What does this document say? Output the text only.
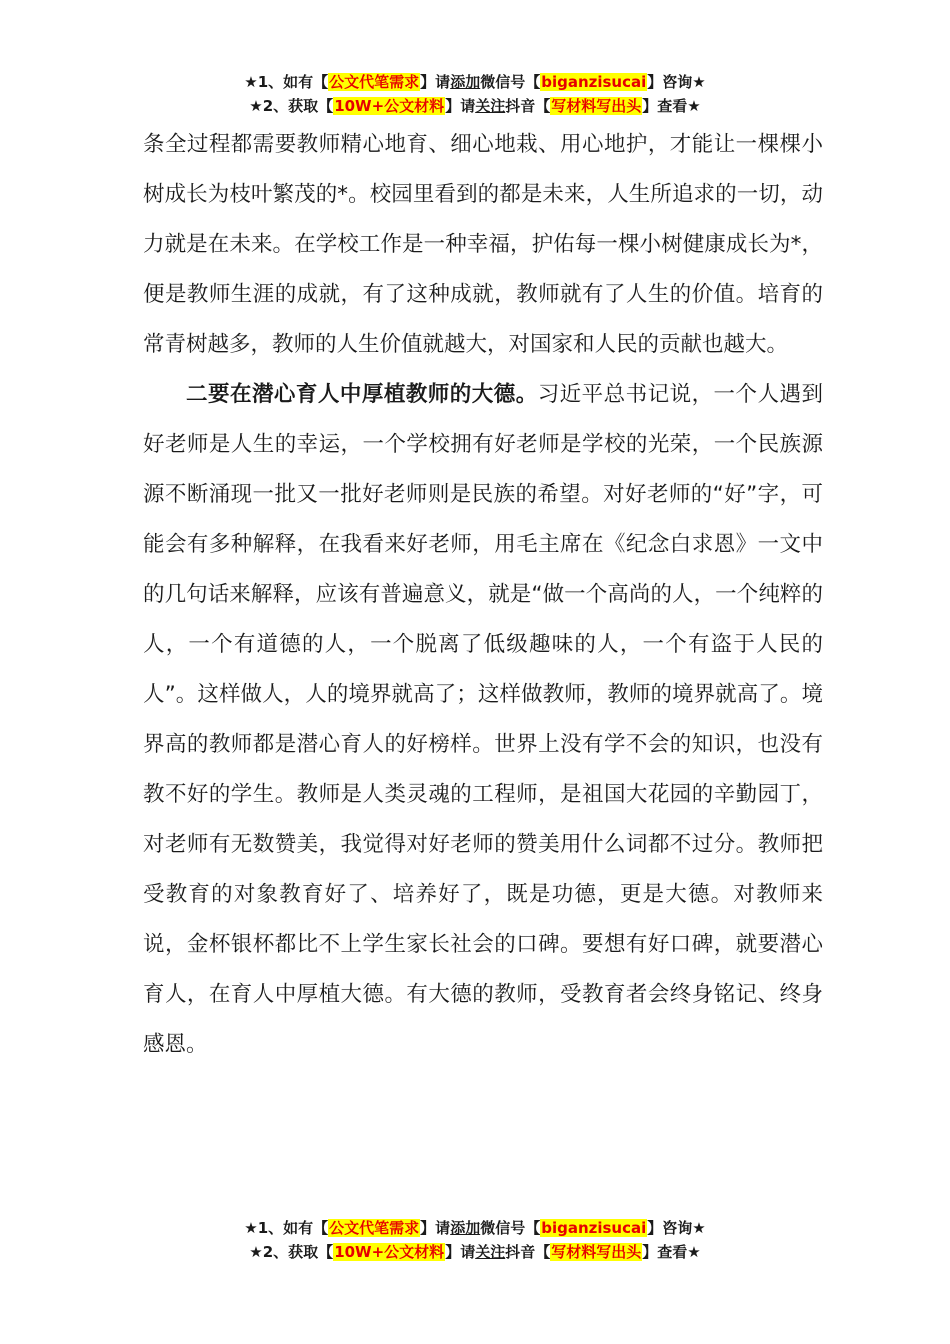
★1、如有【公文代笔需求】请添加微信号【biganzisucai】咨询★
★2、获取【10W+公文材料】请关注抖音【写材料写出头】查看★

条全过程都需要教师精心地育、细心地栽、用心地护，才能让一棵棵小树成长为枝叶繁茂的*。校园里看到的都是未来，人生所追求的一切，动力就是在未来。在学校工作是一种幸福，护佑每一棵小树健康成长为*，便是教师生涯的成就，有了这种成就，教师就有了人生的价值。培育的常青树越多，教师的人生价值就越大，对国家和人民的贡献也越大。

二要在潜心育人中厚植教师的大德。习近平总书记说，一个人遇到好老师是人生的幸运，一个学校拥有好老师是学校的光荣，一个民族源源不断涌现一批又一批好老师则是民族的希望。对好老师的“好”字，可能会有多种解释，在我看来好老师，用毛主席在《纪念白求恩》一文中的几句话来解释，应该有普遍意义，就是“做一个高尚的人，一个纯粹的人，一个有道德的人，一个脱离了低级趣味的人，一个有盗于人民的人”。这样做人，人的境界就高了；这样做教师，教师的境界就高了。境界高的教师都是潜心育人的好榜样。世界上没有学不会的知识，也没有教不好的学生。教师是人类灵魂的工程师，是祖国大花园的辛勤园丁，对老师有无数赞美，我觉得对好老师的赞美用什么词都不过分。教师把受教育的对象教育好了、培养好了，既是功德，更是大德。对教师来说，金杯银杯都比不上学生家长社会的口碑。要想有好口碑，就要潜心育人，在育人中厚植大德。有大德的教师，受教育者会终身铭记、终身感恩。

★1、如有【公文代笔需求】请添加微信号【biganzisucai】咨询★
★2、获取【10W+公文材料】请关注抖音【写材料写出头】查看★
